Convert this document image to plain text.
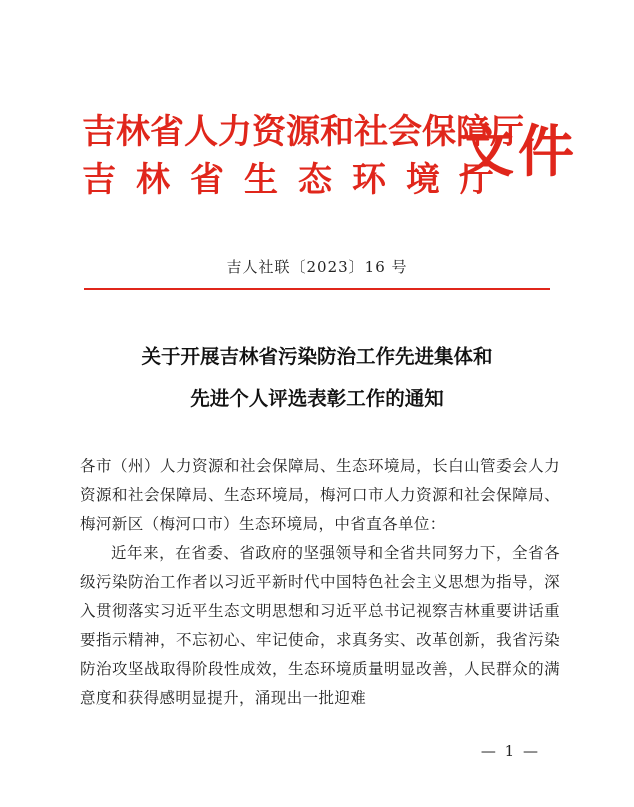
吉林省人力资源和社会保障厅
吉林省生态环境厅
文件
吉人社联〔2023〕16 号
关于开展吉林省污染防治工作先进集体和
先进个人评选表彰工作的通知

各市（州）人力资源和社会保障局、生态环境局，长白山管委会人力资源和社会保障局、生态环境局，梅河口市人力资源和社会保障局、梅河新区（梅河口市）生态环境局，中省直各单位：

近年来，在省委、省政府的坚强领导和全省共同努力下，全省各级污染防治工作者以习近平新时代中国特色社会主义思想为指导，深入贯彻落实习近平生态文明思想和习近平总书记视察吉林重要讲话重要指示精神，不忘初心、牢记使命，求真务实、改革创新，我省污染防治攻坚战取得阶段性成效，生态环境质量明显改善，人民群众的满意度和获得感明显提升，涌现出一批迎难

— 1 —
